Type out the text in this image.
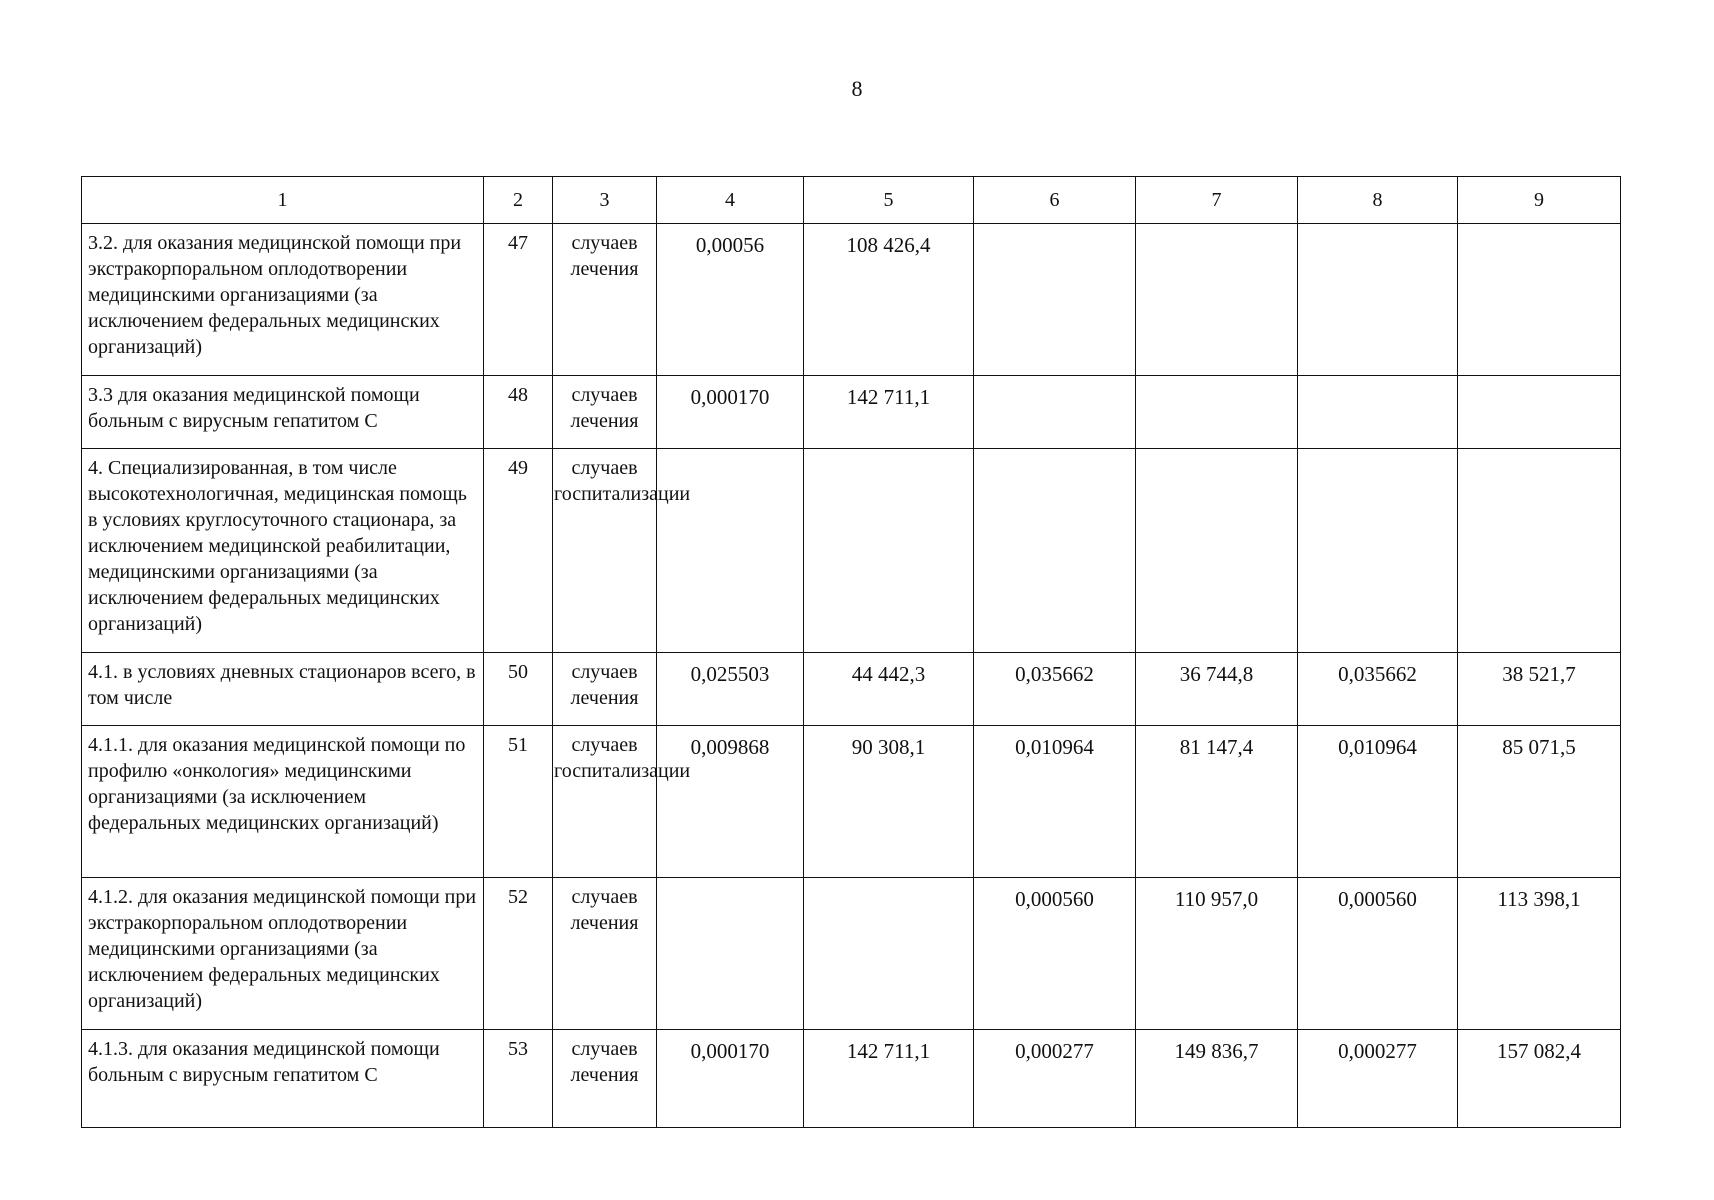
8
1	2	3	4	5	6	7	8	9
3.2. для оказания медицинской помощи при экстракорпоральном оплодотворении медицинскими организациями (за исключением федеральных медицинских организаций)	47	случаев лечения	0,00056	108 426,4				
3.3 для оказания медицинской помощи больным с вирусным гепатитом С	48	случаев лечения	0,000170	142 711,1				
4. Специализированная, в том числе высокотехнологичная, медицинская помощь в условиях круглосуточного стационара, за исключением медицинской реабилитации, медицинскими организациями (за исключением федеральных медицинских организаций)	49	случаев госпитализации						
4.1. в условиях дневных стационаров всего, в том числе	50	случаев лечения	0,025503	44 442,3	0,035662	36 744,8	0,035662	38 521,7
4.1.1. для оказания медицинской помощи по профилю «онкология» медицинскими организациями (за исключением федеральных медицинских организаций)	51	случаев госпитализации	0,009868	90 308,1	0,010964	81 147,4	0,010964	85 071,5
4.1.2. для оказания медицинской помощи при экстракорпоральном оплодотворении медицинскими организациями (за исключением федеральных медицинских организаций)	52	случаев лечения			0,000560	110 957,0	0,000560	113 398,1
4.1.3. для оказания медицинской помощи больным с вирусным гепатитом С	53	случаев лечения	0,000170	142 711,1	0,000277	149 836,7	0,000277	157 082,4
